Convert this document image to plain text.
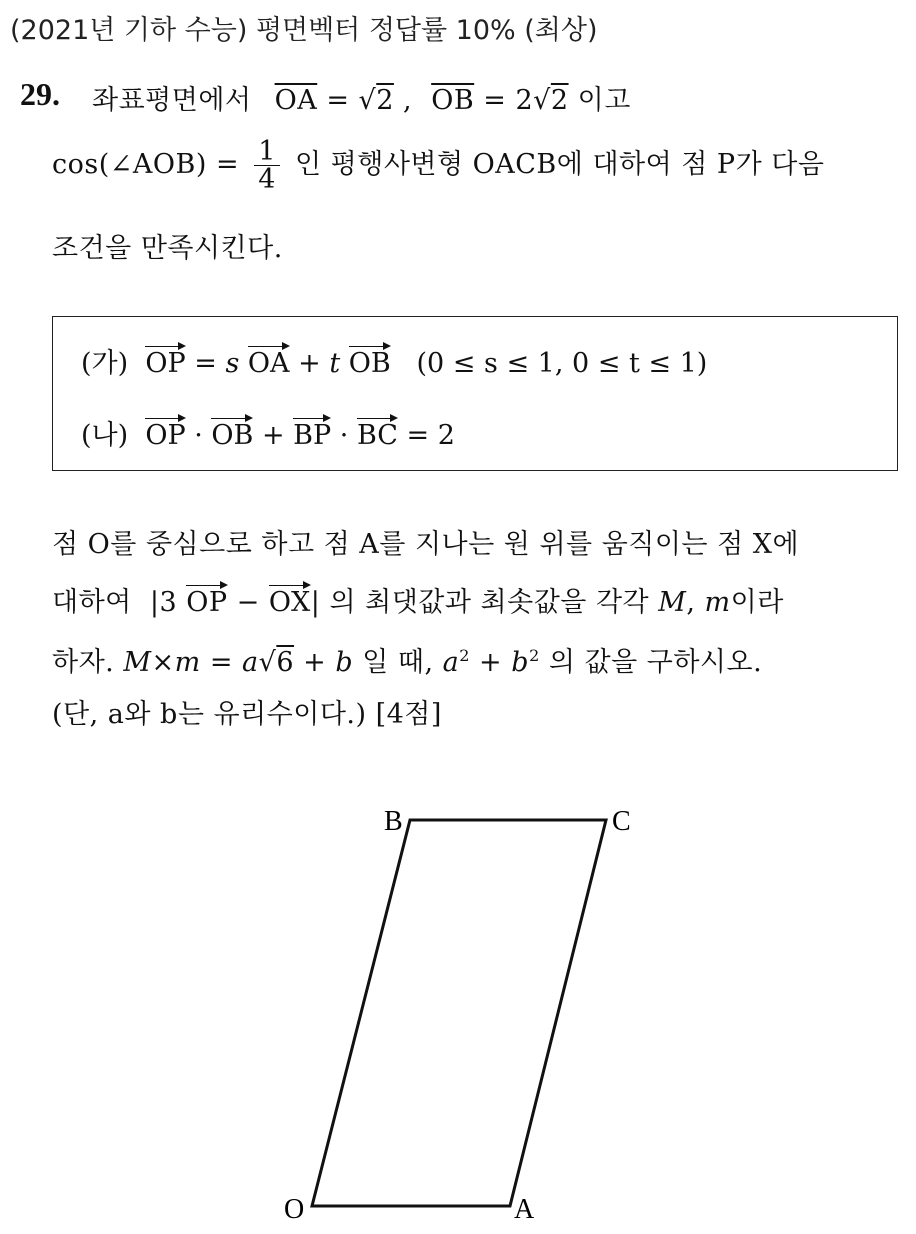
(2021년 기하 수능) 평면벡터 정답률 10% (최상)
29. 좌표평면에서 $\overline{OA} = √2$ , $\overline{OB} = 2√2$ 이고
cos(∠AOB) = $\frac{1}{4}$ 인 평행사변형 OACB에 대하여 점 P가 다음
조건을 만족시킨다.
(가) OP = s OA + t OB (0 ≤ s ≤ 1, 0 ≤ t ≤ 1)
(나) OP · OB + BP · BC = 2
점 O를 중심으로 하고 점 A를 지나는 원 위를 움직이는 점 X에
대하여  |3 OP − OX| 의 최댓값과 최솟값을 각각 M, m이라
하자. M×m = a√6 + b 일 때, $a^2 + b^2$ 의 값을 구하시오.
(단, a와 b는 유리수이다.) [4점]
O	A
B	C
